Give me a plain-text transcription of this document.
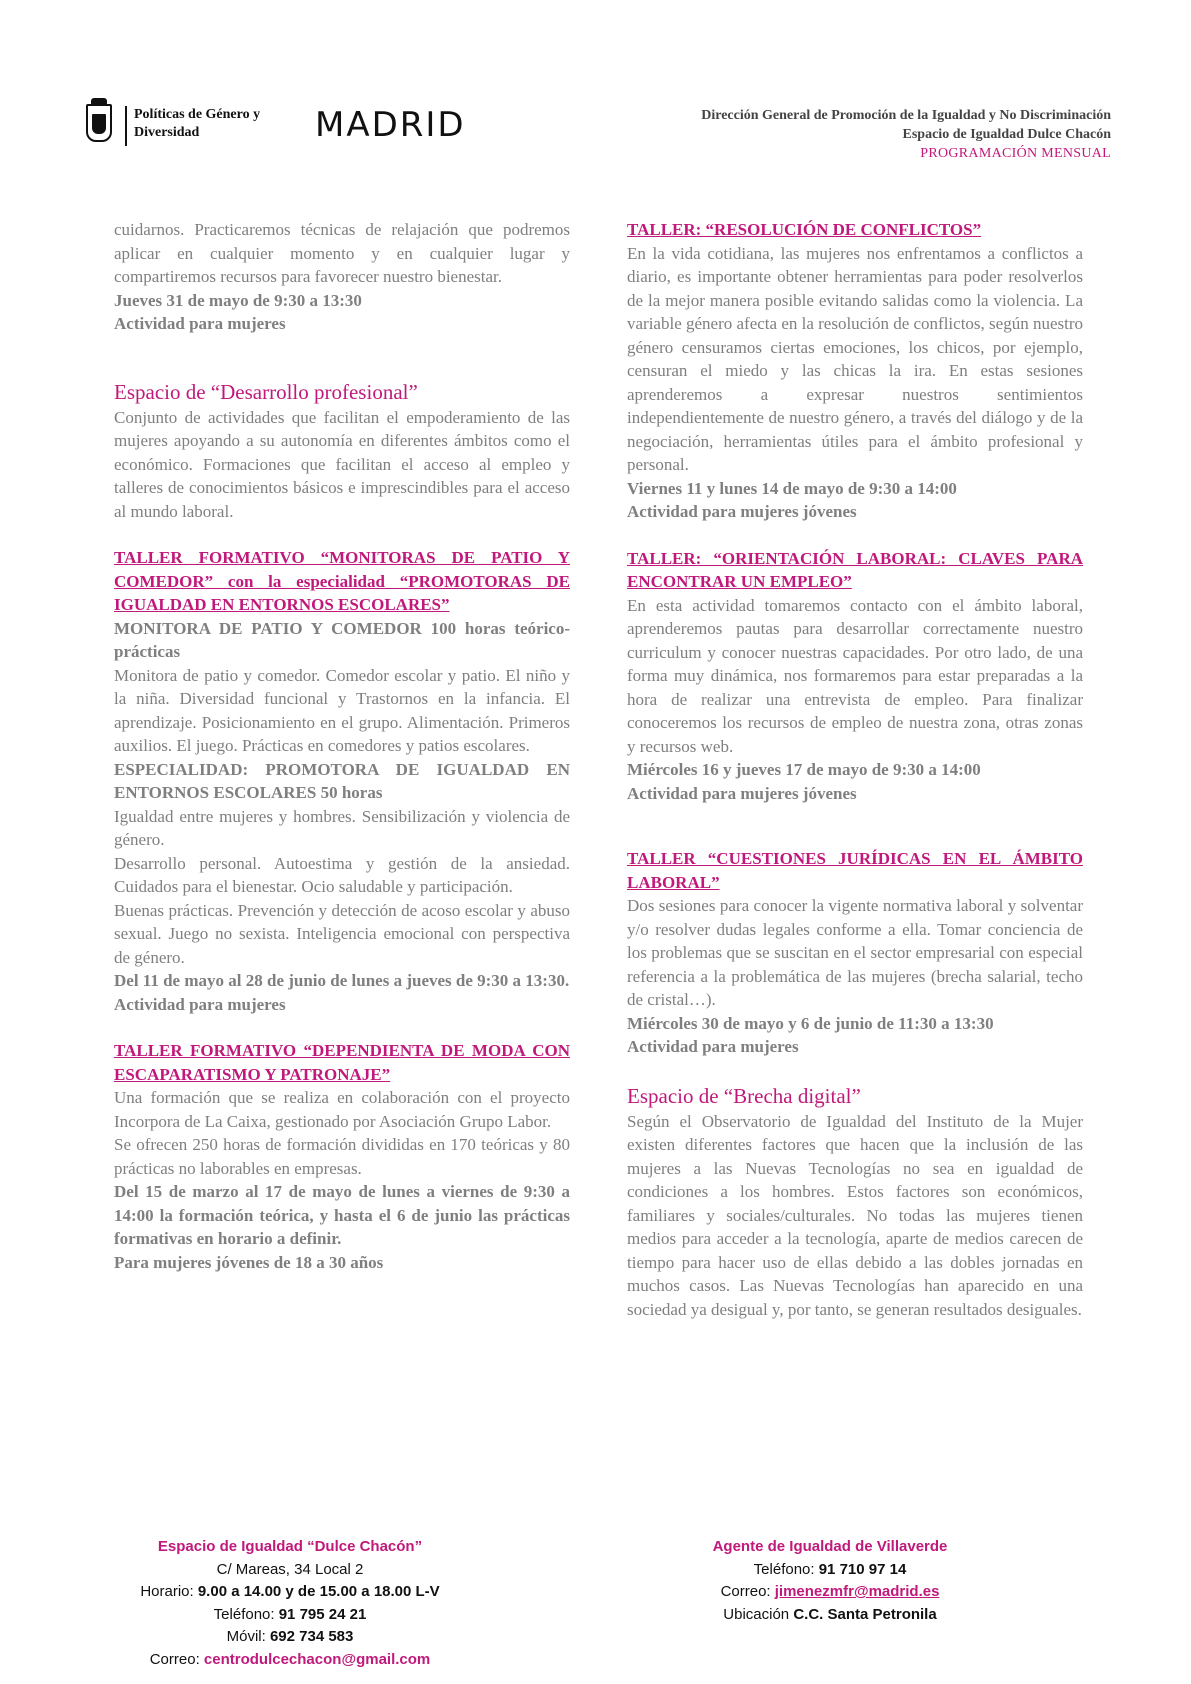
Políticas de Género y
Diversidad	MADRID	Dirección General de Promoción de la Igualdad y No Discriminación
Espacio de Igualdad Dulce Chacón
PROGRAMACIÓN MENSUAL

cuidarnos. Practicaremos técnicas de relajación que podremos aplicar en cualquier momento y en cualquier lugar y compartiremos recursos para favorecer nuestro bienestar.

Jueves 31 de mayo de 9:30 a 13:30

Actividad para mujeres

Espacio de “Desarrollo profesional”

Conjunto de actividades que facilitan el empoderamiento de las mujeres apoyando a su autonomía en diferentes ámbitos como el económico. Formaciones que facilitan el acceso al empleo y talleres de conocimientos básicos e imprescindibles para el acceso al mundo laboral.

TALLER FORMATIVO “MONITORAS DE PATIO Y COMEDOR” con la especialidad “PROMOTORAS DE IGUALDAD EN ENTORNOS ESCOLARES”

MONITORA DE PATIO Y COMEDOR 100 horas teórico-prácticas

Monitora de patio y comedor. Comedor escolar y patio. El niño y la niña. Diversidad funcional y Trastornos en la infancia. El aprendizaje. Posicionamiento en el grupo. Alimentación. Primeros auxilios. El juego. Prácticas en comedores y patios escolares.

ESPECIALIDAD: PROMOTORA DE IGUALDAD EN ENTORNOS ESCOLARES 50 horas

Igualdad entre mujeres y hombres. Sensibilización y violencia de género.

Desarrollo personal. Autoestima y gestión de la ansiedad. Cuidados para el bienestar. Ocio saludable y participación.

Buenas prácticas. Prevención y detección de acoso escolar y abuso sexual. Juego no sexista. Inteligencia emocional con perspectiva de género.

Del 11 de mayo al 28 de junio de lunes a jueves de 9:30 a 13:30.

Actividad para mujeres

TALLER FORMATIVO “DEPENDIENTA DE MODA CON ESCAPARATISMO Y PATRONAJE”

Una formación que se realiza en colaboración con el proyecto Incorpora de La Caixa, gestionado por Asociación Grupo Labor.

Se ofrecen 250 horas de formación divididas en 170 teóricas y 80 prácticas no laborables en empresas.

Del 15 de marzo al 17 de mayo de lunes a viernes de 9:30 a 14:00 la formación teórica, y hasta el 6 de junio las prácticas formativas en horario a definir.

Para mujeres jóvenes de 18 a 30 años

TALLER: “RESOLUCIÓN DE CONFLICTOS”

En la vida cotidiana, las mujeres nos enfrentamos a conflictos a diario, es importante obtener herramientas para poder resolverlos de la mejor manera posible evitando salidas como la violencia. La variable género afecta en la resolución de conflictos, según nuestro género censuramos ciertas emociones, los chicos, por ejemplo, censuran el miedo y las chicas la ira. En estas sesiones aprenderemos a expresar nuestros sentimientos independientemente de nuestro género, a través del diálogo y de la negociación, herramientas útiles para el ámbito profesional y personal.

Viernes 11 y lunes 14 de mayo de 9:30 a 14:00

Actividad para mujeres jóvenes

TALLER: “ORIENTACIÓN LABORAL: CLAVES PARA ENCONTRAR UN EMPLEO”

En esta actividad tomaremos contacto con el ámbito laboral, aprenderemos pautas para desarrollar correctamente nuestro curriculum y conocer nuestras capacidades. Por otro lado, de una forma muy dinámica, nos formaremos para estar preparadas a la hora de realizar una entrevista de empleo. Para finalizar conoceremos los recursos de empleo de nuestra zona, otras zonas y recursos web.

Miércoles 16 y jueves 17 de mayo de 9:30 a 14:00

Actividad para mujeres jóvenes

TALLER “CUESTIONES JURÍDICAS EN EL ÁMBITO LABORAL”

Dos sesiones para conocer la vigente normativa laboral y solventar y/o resolver dudas legales conforme a ella. Tomar conciencia de los problemas que se suscitan en el sector empresarial con especial referencia a la problemática de las mujeres (brecha salarial, techo de cristal…).

Miércoles 30 de mayo y 6 de junio de 11:30 a 13:30

Actividad para mujeres

Espacio de “Brecha digital”

Según el Observatorio de Igualdad del Instituto de la Mujer existen diferentes factores que hacen que la inclusión de las mujeres a las Nuevas Tecnologías no sea en igualdad de condiciones a los hombres. Estos factores son económicos, familiares y sociales/culturales. No todas las mujeres tienen medios para acceder a la tecnología, aparte de medios carecen de tiempo para hacer uso de ellas debido a las dobles jornadas en muchos casos. Las Nuevas Tecnologías han aparecido en una sociedad ya desigual y, por tanto, se generan resultados desiguales.

Espacio de Igualdad “Dulce Chacón”
C/ Mareas, 34 Local 2
Horario: 9.00 a 14.00 y de 15.00 a 18.00 L-V
Teléfono: 91 795 24 21
Móvil: 692 734 583
Correo: centrodulcechacon@gmail.com
Agente de Igualdad de Villaverde
Teléfono: 91 710 97 14
Correo: jimenezmfr@madrid.es
Ubicación C.C. Santa Petronila
